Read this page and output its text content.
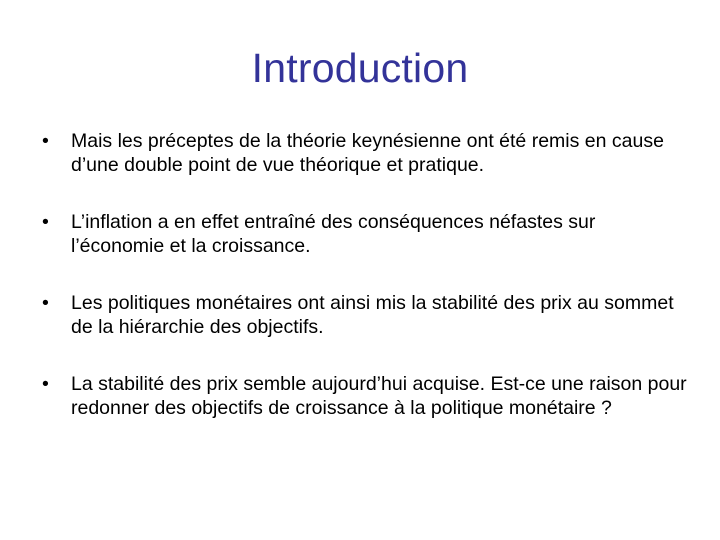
Introduction
•	Mais les préceptes de la théorie keynésienne ont été remis en cause d’une double point de vue théorique et pratique.
•	L’inflation a en effet entraîné des conséquences néfastes sur l’économie et la croissance.
•	Les politiques monétaires ont ainsi mis la stabilité des prix au sommet de la hiérarchie des objectifs.
•	La stabilité des prix semble aujourd’hui acquise. Est-ce une raison pour redonner des objectifs de croissance à la politique monétaire ?
